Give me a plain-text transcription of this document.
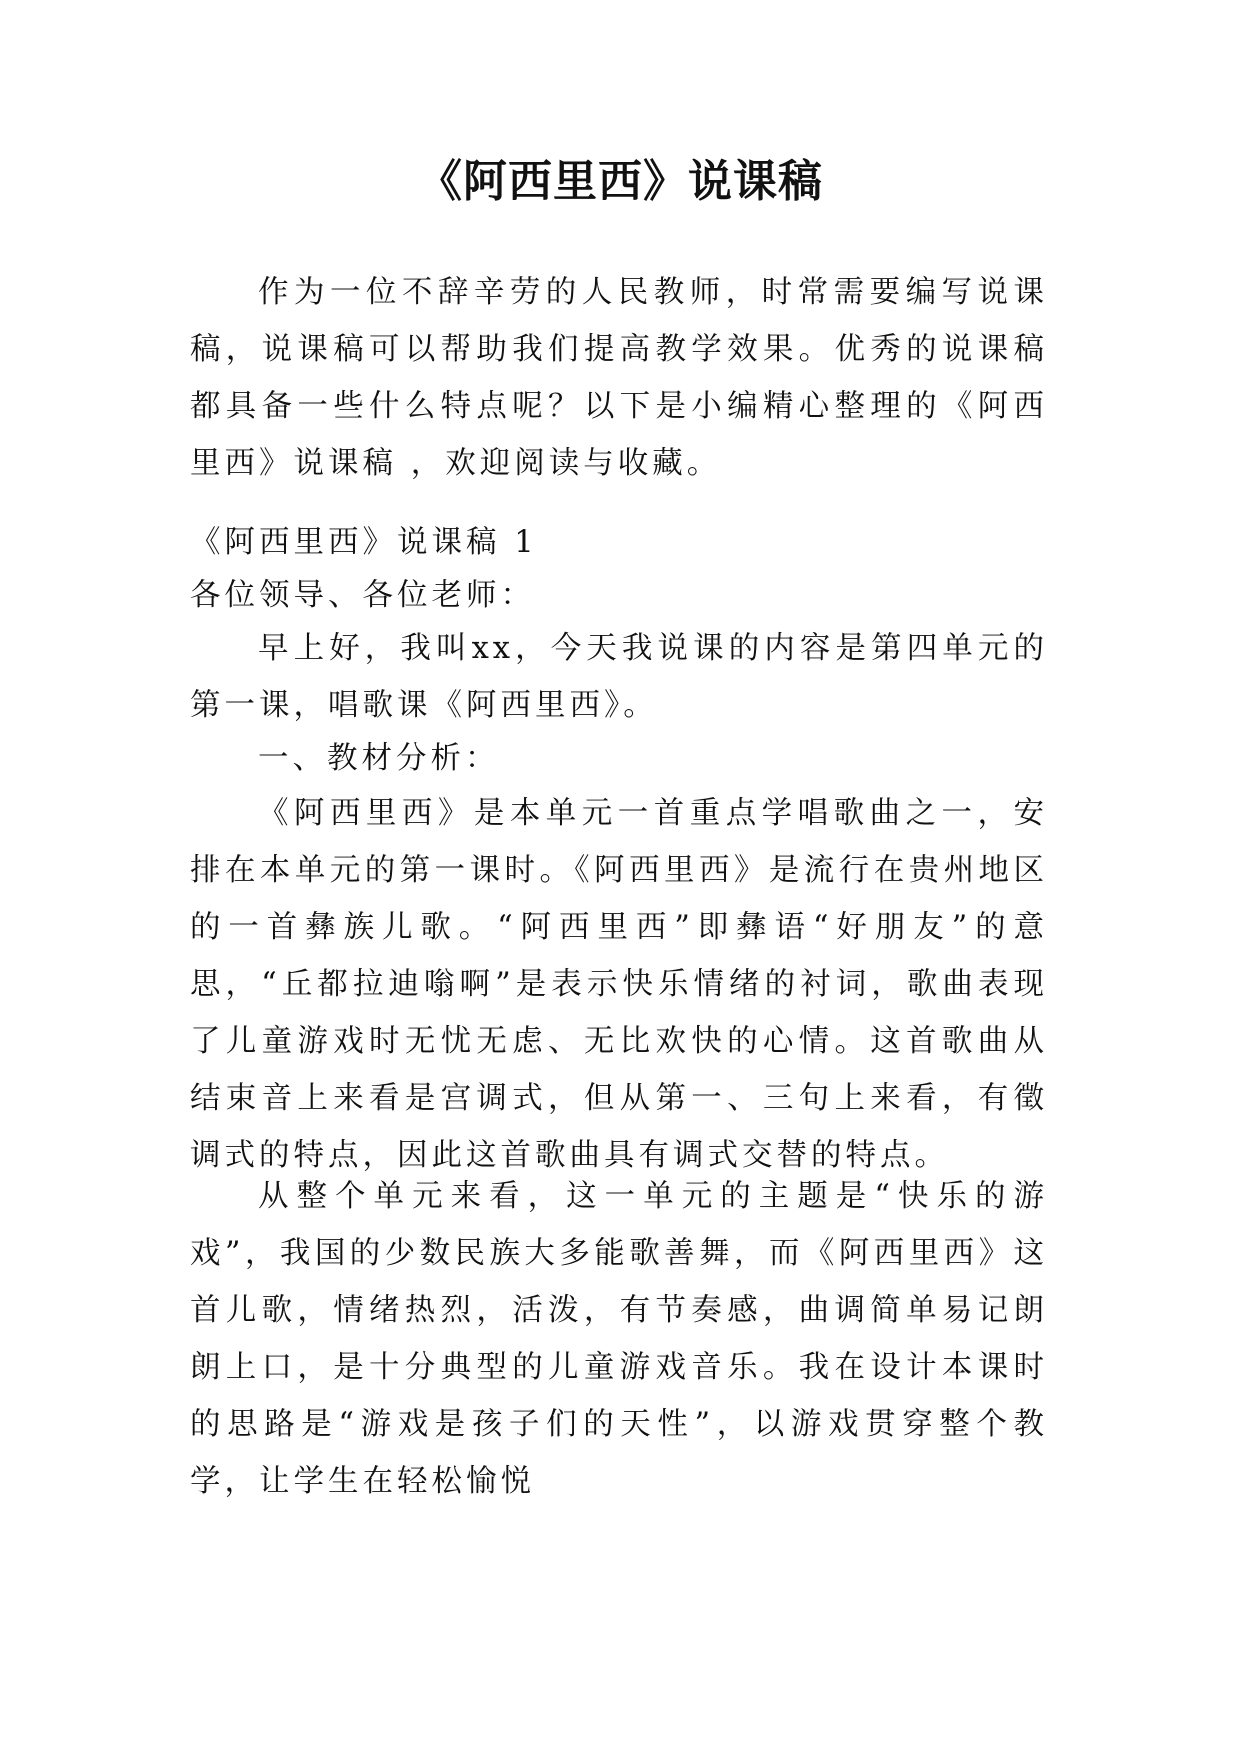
《阿西里西》说课稿

作为一位不辞辛劳的人民教师，时常需要编写说课稿，说课稿可以帮助我们提高教学效果。优秀的说课稿都具备一些什么特点呢？以下是小编精心整理的《阿西里西》说课稿 ，欢迎阅读与收藏。

《阿西里西》说课稿 1
各位领导、各位老师：

早上好，我叫xx，今天我说课的内容是第四单元的第一课，唱歌课《阿西里西》。

一、教材分析：

《阿西里西》是本单元一首重点学唱歌曲之一，安排在本单元的第一课时。《阿西里西》是流行在贵州地区的一首彝族儿歌。“阿西里西”即彝语“好朋友”的意思，“丘都拉迪嗡啊”是表示快乐情绪的衬词，歌曲表现了儿童游戏时无忧无虑、无比欢快的心情。这首歌曲从结束音上来看是宫调式，但从第一、三句上来看，有徵调式的特点，因此这首歌曲具有调式交替的特点。

从整个单元来看，这一单元的主题是“快乐的游戏”，我国的少数民族大多能歌善舞，而《阿西里西》这首儿歌，情绪热烈，活泼，有节奏感，曲调简单易记朗朗上口，是十分典型的儿童游戏音乐。我在设计本课时的思路是“游戏是孩子们的天性”，以游戏贯穿整个教学，让学生在轻松愉悦
